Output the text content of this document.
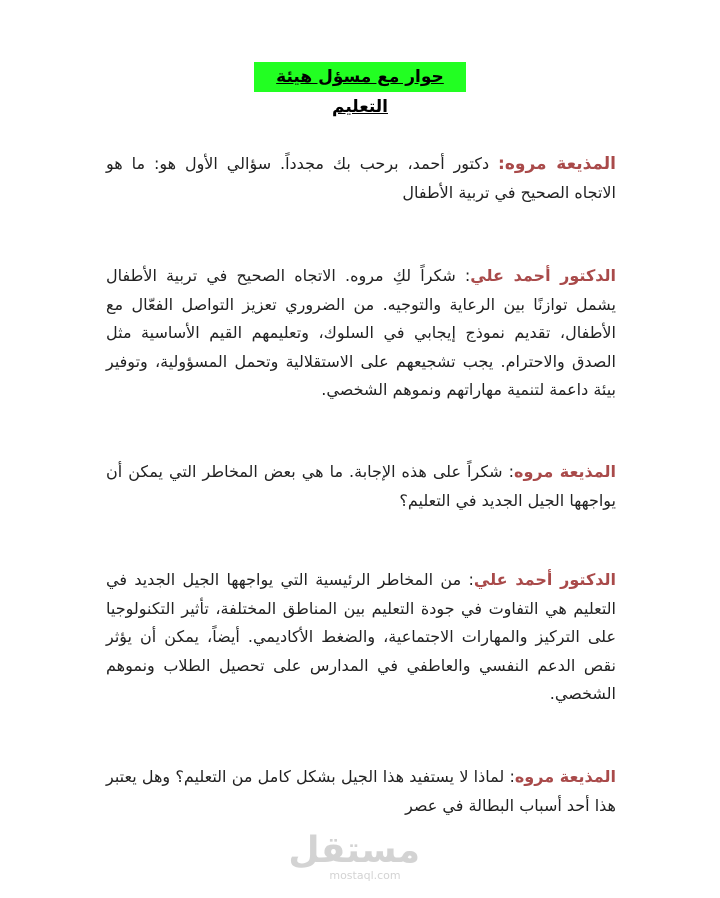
حوار مع مسؤل هيئة التعليم
المذيعة مروه: دكتور أحمد، برحب بك مجدداً. سؤالي الأول هو: ما هو الاتجاه الصحيح في تربية الأطفال
الدكتور أحمد علي: شكراً لكِ مروه. الاتجاه الصحيح في تربية الأطفال يشمل توازنًا بين الرعاية والتوجيه. من الضروري تعزيز التواصل الفعّال مع الأطفال، تقديم نموذج إيجابي في السلوك، وتعليمهم القيم الأساسية مثل الصدق والاحترام. يجب تشجيعهم على الاستقلالية وتحمل المسؤولية، وتوفير بيئة داعمة لتنمية مهاراتهم ونموهم الشخصي.
المذيعة مروه: شكراً على هذه الإجابة. ما هي بعض المخاطر التي يمكن أن يواجهها الجيل الجديد في التعليم؟
الدكتور أحمد علي: من المخاطر الرئيسية التي يواجهها الجيل الجديد في التعليم هي التفاوت في جودة التعليم بين المناطق المختلفة، تأثير التكنولوجيا على التركيز والمهارات الاجتماعية، والضغط الأكاديمي. أيضاً، يمكن أن يؤثر نقص الدعم النفسي والعاطفي في المدارس على تحصيل الطلاب ونموهم الشخصي.
المذيعة مروه: لماذا لا يستفيد هذا الجيل بشكل كامل من التعليم؟ وهل يعتبر هذا أحد أسباب البطالة في عصر
مستقل
mostaql.com
